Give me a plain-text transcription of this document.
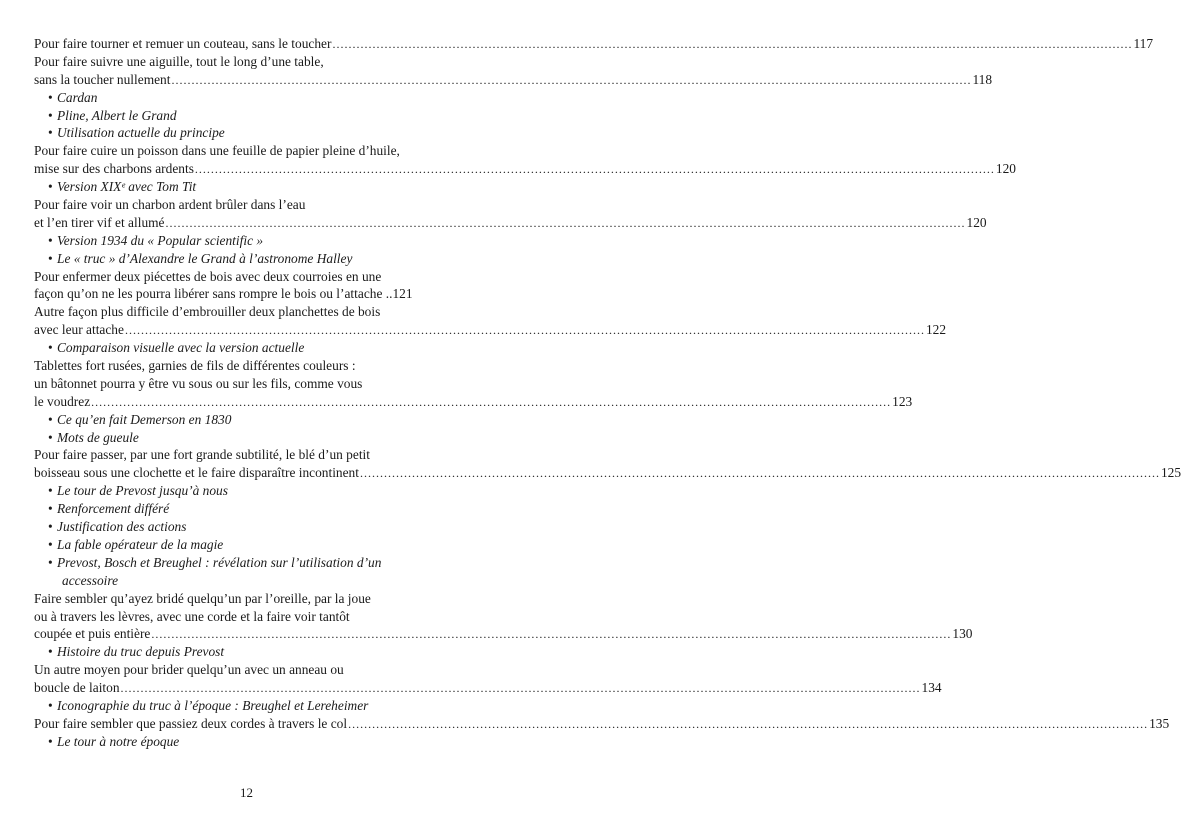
Pour faire tourner et remuer un couteau, sans le toucher ........................................................................................................................................................................................................ 117
Pour faire suivre une aiguille, tout le long d’une table,
sans la toucher nullement ........................................................................................................................................................................................................ 118
• Cardan
• Pline, Albert le Grand
• Utilisation actuelle du principe
Pour faire cuire un poisson dans une feuille de papier pleine d’huile,
mise sur des charbons ardents ........................................................................................................................................................................................................ 120
• Version XIXᵉ avec Tom Tit
Pour faire voir un charbon ardent brûler dans l’eau
et l’en tirer vif et allumé ........................................................................................................................................................................................................ 120
• Version 1934 du « Popular scientific »
• Le « truc » d’Alexandre le Grand à l’astronome Halley
Pour enfermer deux piécettes de bois avec deux courroies en une
façon qu’on ne les pourra libérer sans rompre le bois ou l’attache ..121
Autre façon plus difficile d’embrouiller deux planchettes de bois
avec leur attache ........................................................................................................................................................................................................ 122
• Comparaison visuelle avec la version actuelle
Tablettes fort rusées, garnies de fils de différentes couleurs :
un bâtonnet pourra y être vu sous ou sur les fils, comme vous
le voudrez ........................................................................................................................................................................................................ 123
• Ce qu’en fait Demerson en 1830
• Mots de gueule
Pour faire passer, par une fort grande subtilité, le blé d’un petit
boisseau sous une clochette et le faire disparaître incontinent ........................................................................................................................................................................................................ 125
• Le tour de Prevost jusqu’à nous
• Renforcement différé
• Justification des actions
• La fable opérateur de la magie
• Prevost, Bosch et Breughel : révélation sur l’utilisation d’un
accessoire
Faire sembler qu’ayez bridé quelqu’un par l’oreille, par la joue
ou à travers les lèvres, avec une corde et la faire voir tantôt
coupée et puis entière ........................................................................................................................................................................................................ 130
• Histoire du truc depuis Prevost
Un autre moyen pour brider quelqu’un avec un anneau ou
boucle de laiton ........................................................................................................................................................................................................ 134
• Iconographie du truc à l’époque : Breughel et Lereheimer
Pour faire sembler que passiez deux cordes à travers le col ........................................................................................................................................................................................................ 135
• Le tour à notre époque
12
